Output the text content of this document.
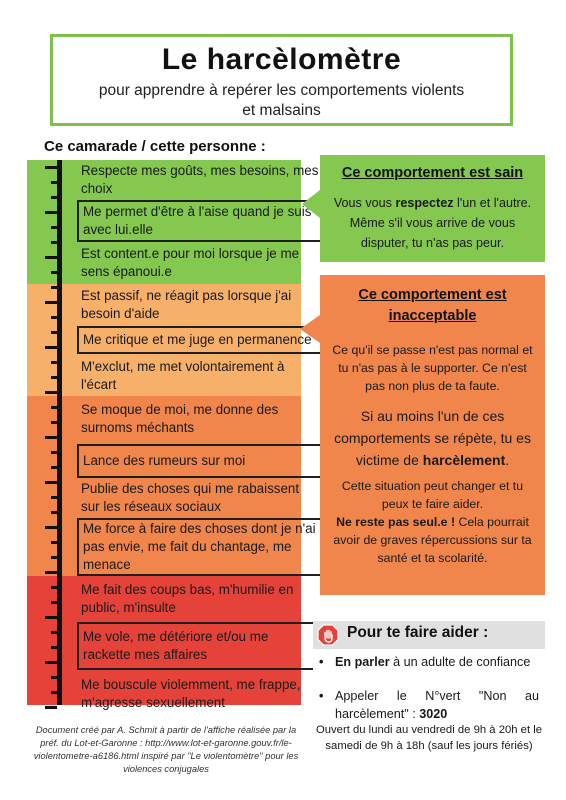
Le harcèlomètre
pour apprendre à repérer les comportements violents et malsains
Ce camarade / cette personne :
Respecte mes goûts, mes besoins, mes choix
Me permet d'être à l'aise quand je suis avec lui.elle
Est content.e pour moi lorsque je me sens épanoui.e
Est passif, ne réagit pas lorsque j'ai besoin d'aide
Me critique et me juge en permanence
M'exclut, me met volontairement à l'écart
Se moque de moi, me donne des surnoms méchants
Lance des rumeurs sur moi
Publie des choses qui me rabaissent sur les réseaux sociaux
Me force à faire des choses dont je n'ai pas envie, me fait du chantage, me menace
Me fait des coups bas, m'humilie en public, m'insulte
Me vole, me détériore et/ou me rackette mes affaires
Me bouscule violemment, me frappe, m'agresse sexuellement
Ce comportement est sain
Vous vous respectez l'un et l'autre. Même s'il vous arrive de vous disputer, tu n'as pas peur.
Ce comportement est inacceptable
Ce qu'il se passe n'est pas normal et tu n'as pas à le supporter. Ce n'est pas non plus de ta faute.
Si au moins l'un de ces comportements se répète, tu es victime de harcèlement.
Cette situation peut changer et tu peux te faire aider.
Ne reste pas seul.e ! Cela pourrait avoir de graves répercussions sur ta santé et ta scolarité.
Pour te faire aider :
• En parler à un adulte de confiance
• Appeler le N°vert "Non au harcèlement" : 3020
Ouvert du lundi au vendredi de 9h à 20h et le samedi de 9h à 18h (sauf les jours fériés)
Document créé par A. Schmit à partir de l'affiche réalisée par la préf. du Lot-et-Garonne : http://www.lot-et-garonne.gouv.fr/le-violentometre-a6186.html inspiré par "Le violentomètre" pour les violences conjugales
